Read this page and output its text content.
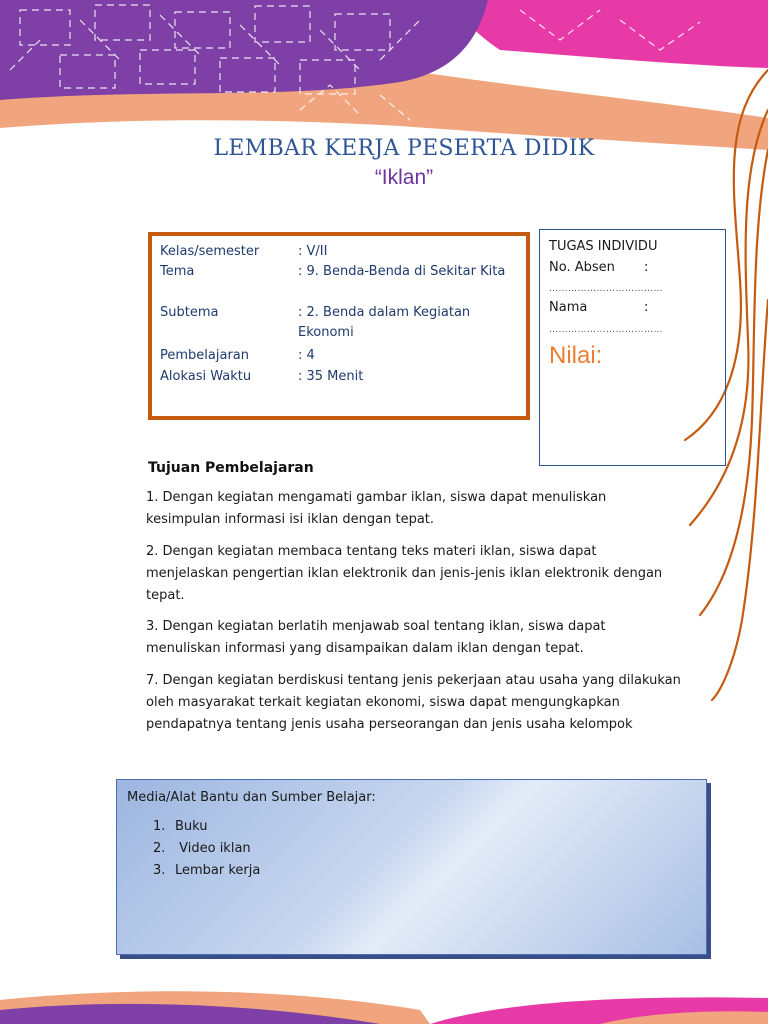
LEMBAR KERJA PESERTA DIDIK
“Iklan”
Kelas/semester	: V/II
Tema	: 9. Benda-Benda di Sekitar Kita
Subtema	: 2. Benda dalam Kegiatan Ekonomi
Pembelajaran	: 4
Alokasi Waktu	: 35 Menit
TUGAS INDIVIDU
No. Absen :
………………………………
Nama	:
………………………………
Nilai:
Tujuan Pembelajaran
1. Dengan kegiatan mengamati gambar iklan, siswa dapat menuliskan kesimpulan informasi isi iklan dengan tepat.
2. Dengan kegiatan membaca tentang teks materi iklan, siswa dapat menjelaskan pengertian iklan elektronik dan jenis-jenis iklan elektronik dengan tepat.
3. Dengan kegiatan berlatih menjawab soal tentang iklan, siswa dapat menuliskan informasi yang disampaikan dalam iklan dengan tepat.
7. Dengan kegiatan berdiskusi tentang jenis pekerjaan atau usaha yang dilakukan oleh masyarakat terkait kegiatan ekonomi, siswa dapat mengungkapkan pendapatnya tentang jenis usaha perseorangan dan jenis usaha kelompok
Media/Alat Bantu dan Sumber Belajar:
1. Buku
2. Video iklan
3. Lembar kerja
